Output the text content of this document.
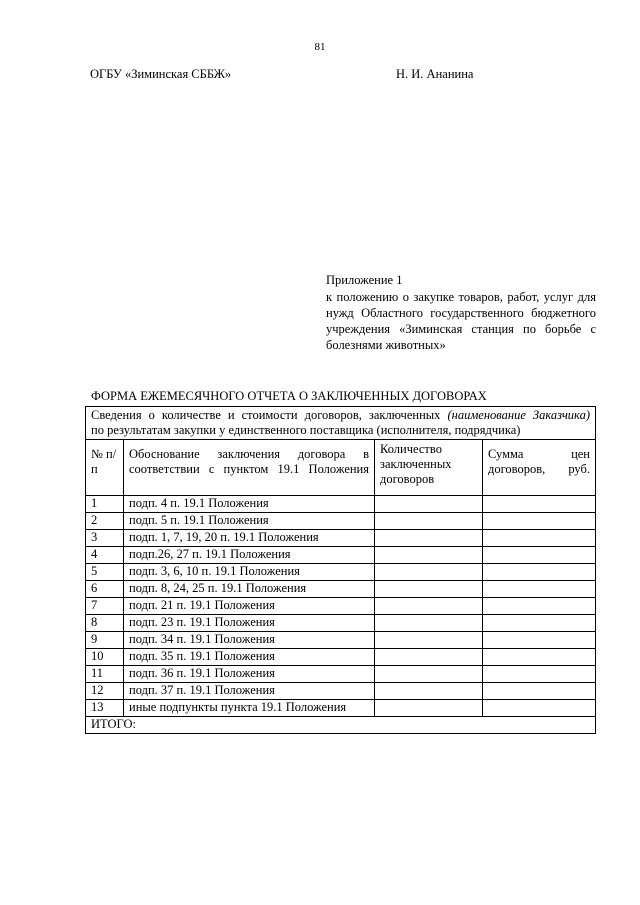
81
ОГБУ «Зиминская СББЖ»	Н. И. Ананина
Приложение 1
к положению о закупке товаров, работ, услуг для нужд Областного государственного бюджетного учреждения «Зиминская станция по борьбе с болезнями животных»
ФОРМА ЕЖЕМЕСЯЧНОГО ОТЧЕТА О ЗАКЛЮЧЕННЫХ ДОГОВОРАХ
Сведения о количестве и стоимости договоров, заключенных (наименование Заказчика)
по результатам закупки у единственного поставщика (исполнителя, подрядчика)			

№ п/п	Обоснование заключения договора в соответствии с пунктом 19.1 Положения	Количество заключенных договоров	Сумма цен договоров, руб.

1	подп. 4 п. 19.1 Положения		
2	подп. 5 п. 19.1 Положения		
3	подп. 1, 7, 19, 20 п. 19.1 Положения		
4	подп.26, 27 п. 19.1 Положения		
5	подп. 3, 6, 10 п. 19.1 Положения		
6	подп. 8, 24, 25 п. 19.1 Положения		
7	подп. 21 п. 19.1 Положения		
8	подп. 23 п. 19.1 Положения		
9	подп. 34 п. 19.1 Положения		
10	подп. 35 п. 19.1 Положения		
11	подп. 36 п. 19.1 Положения		
12	подп. 37 п. 19.1 Положения		
13	иные подпункты пункта 19.1 Положения		
ИТОГО:			
